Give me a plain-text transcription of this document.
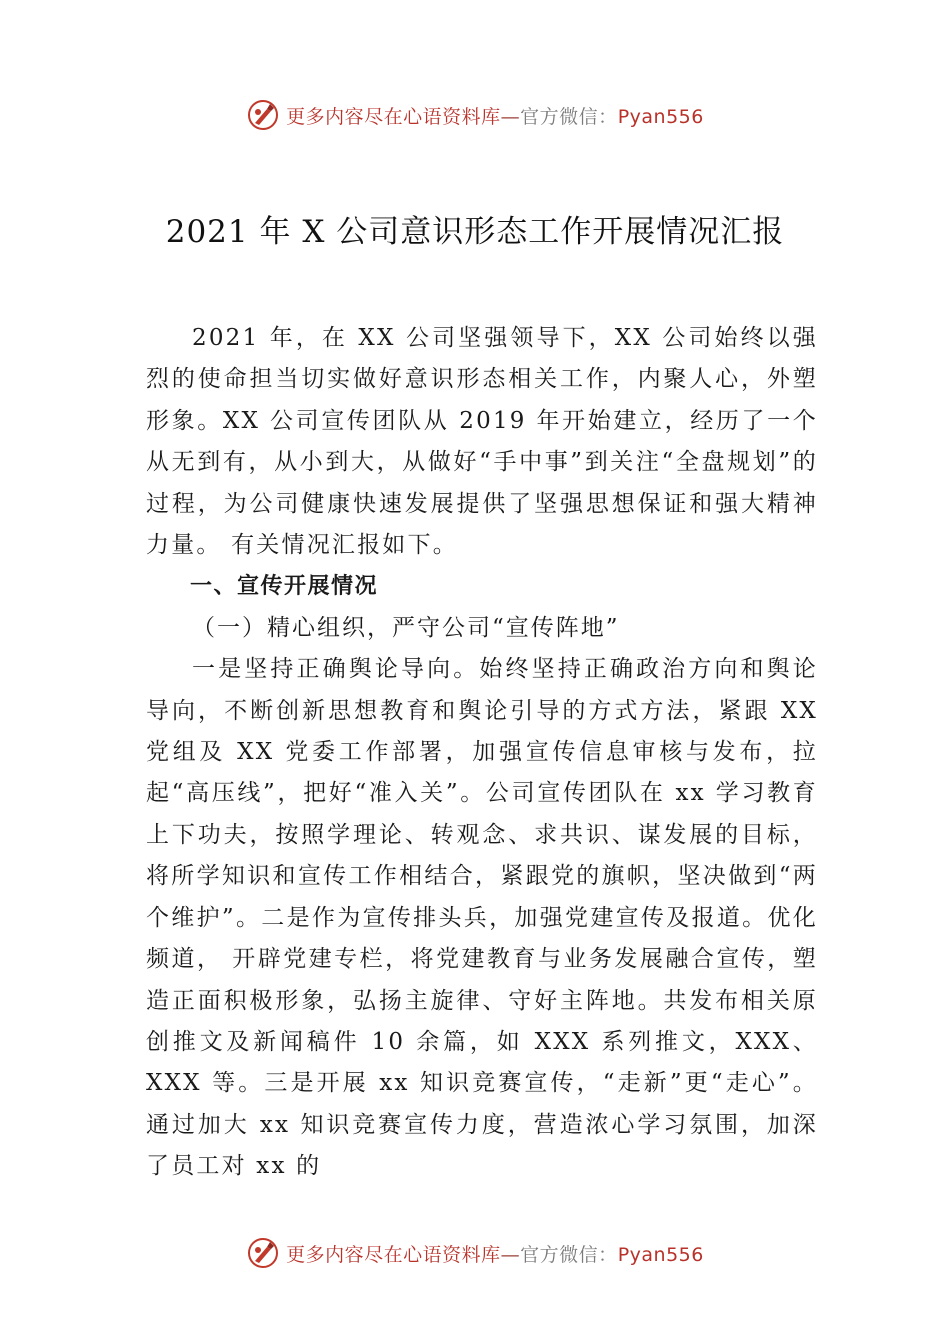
更多内容尽在心语资料库—官方微信：Pyan556
2021 年 X 公司意识形态工作开展情况汇报

2021 年，在 XX 公司坚强领导下，XX 公司始终以强烈的使命担当切实做好意识形态相关工作，内聚人心，外塑形象。XX 公司宣传团队从 2019 年开始建立，经历了一个从无到有，从小到大，从做好“手中事”到关注“全盘规划”的过程，为公司健康快速发展提供了坚强思想保证和强大精神力量。 有关情况汇报如下。

一、宣传开展情况

（一）精心组织，严守公司“宣传阵地”

一是坚持正确舆论导向。始终坚持正确政治方向和舆论导向，不断创新思想教育和舆论引导的方式方法，紧跟 XX 党组及 XX 党委工作部署，加强宣传信息审核与发布，拉起“高压线”，把好“准入关”。公司宣传团队在 xx 学习教育上下功夫，按照学理论、转观念、求共识、谋发展的目标，将所学知识和宣传工作相结合，紧跟党的旗帜，坚决做到“两个维护”。二是作为宣传排头兵，加强党建宣传及报道。优化频道， 开辟党建专栏，将党建教育与业务发展融合宣传，塑造正面积极形象，弘扬主旋律、守好主阵地。共发布相关原创推文及新闻稿件 10 余篇，如 XXX 系列推文，XXX、XXX 等。三是开展 xx 知识竞赛宣传，“走新”更“走心”。通过加大 xx 知识竞赛宣传力度，营造浓心学习氛围，加深了员工对 xx 的

更多内容尽在心语资料库—官方微信：Pyan556
